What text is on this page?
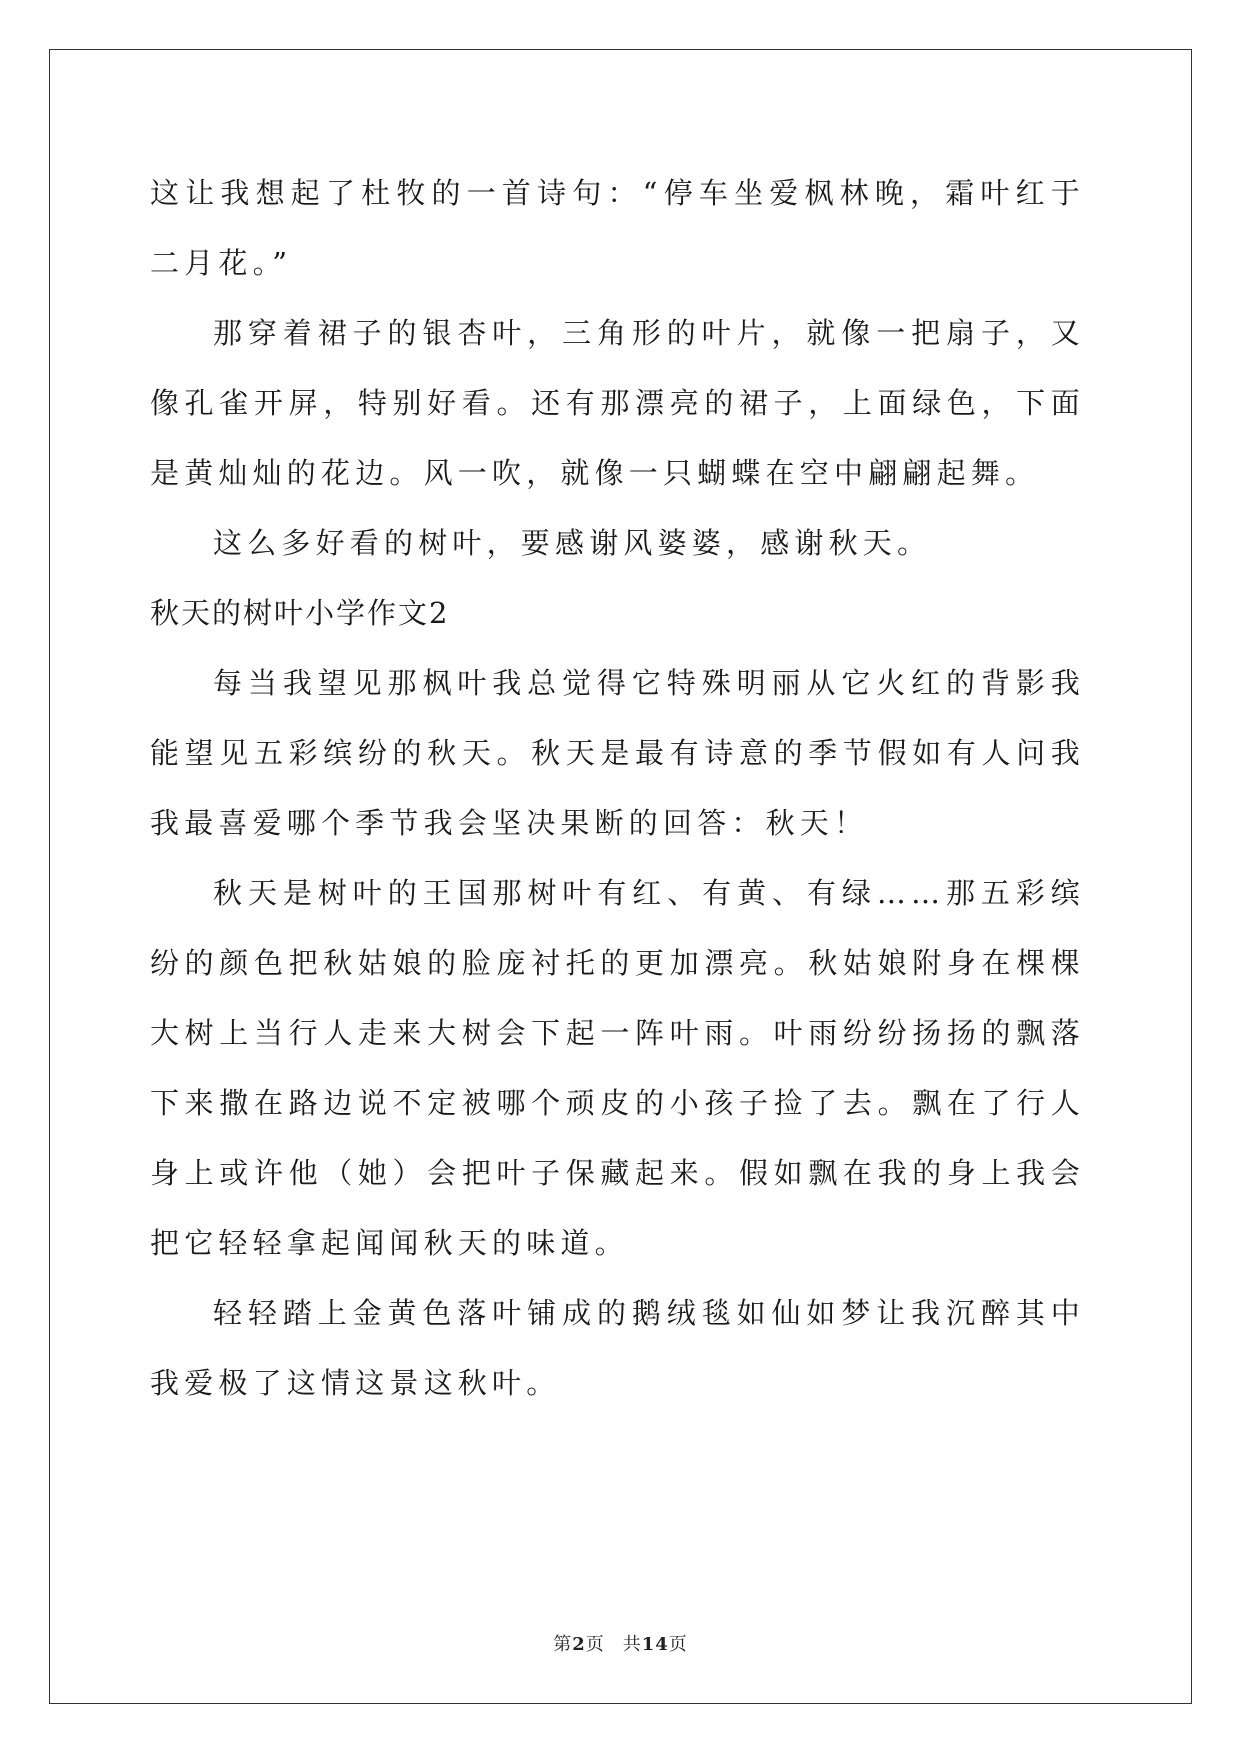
这让我想起了杜牧的一首诗句：“停车坐爱枫林晚，霜叶红于二月花。”

那穿着裙子的银杏叶，三角形的叶片，就像一把扇子，又像孔雀开屏，特别好看。还有那漂亮的裙子，上面绿色，下面是黄灿灿的花边。风一吹，就像一只蝴蝶在空中翩翩起舞。

这么多好看的树叶，要感谢风婆婆，感谢秋天。

秋天的树叶小学作文2

每当我望见那枫叶我总觉得它特殊明丽从它火红的背影我能望见五彩缤纷的秋天。秋天是最有诗意的季节假如有人问我我最喜爱哪个季节我会坚决果断的回答：秋天！

秋天是树叶的王国那树叶有红、有黄、有绿……那五彩缤纷的颜色把秋姑娘的脸庞衬托的更加漂亮。秋姑娘附身在棵棵大树上当行人走来大树会下起一阵叶雨。叶雨纷纷扬扬的飘落下来撒在路边说不定被哪个顽皮的小孩子捡了去。飘在了行人身上或许他（她）会把叶子保藏起来。假如飘在我的身上我会把它轻轻拿起闻闻秋天的味道。

轻轻踏上金黄色落叶铺成的鹅绒毯如仙如梦让我沉醉其中我爱极了这情这景这秋叶。

第2页 共14页
